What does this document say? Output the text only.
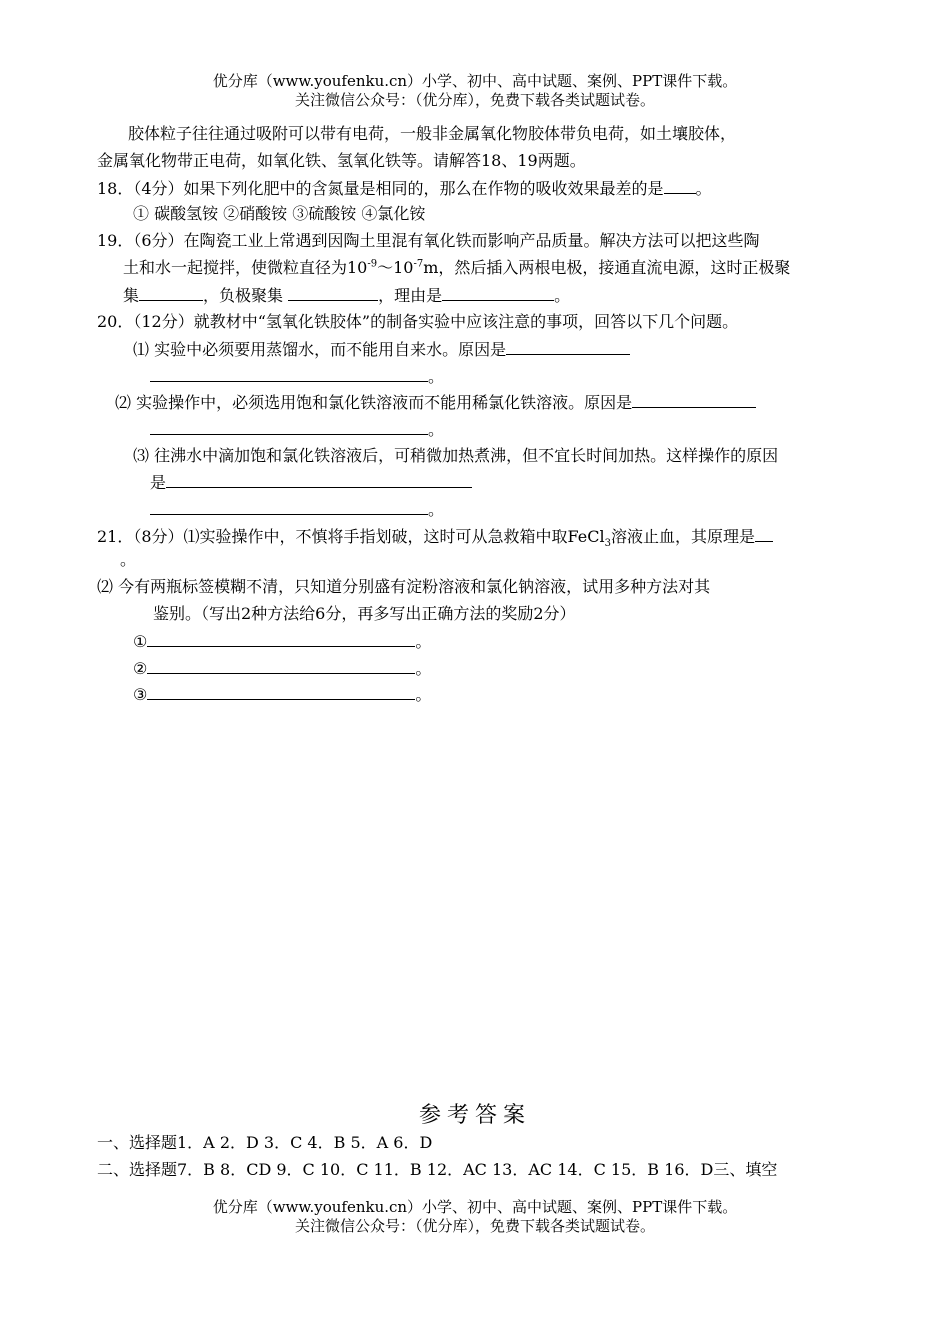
优分库（www.youfenku.cn）小学、初中、高中试题、案例、PPT课件下载。
关注微信公众号：（优分库），免费下载各类试题试卷。
胶体粒子往往通过吸附可以带有电荷，一般非金属氧化物胶体带负电荷，如土壤胶体，
金属氧化物带正电荷，如氧化铁、氢氧化铁等。请解答18、19两题。
18．（4分）如果下列化肥中的含氮量是相同的，那么在作物的吸收效果最差的是 。
① 碳酸氢铵 ②硝酸铵 ③硫酸铵 ④氯化铵
19．（6分）在陶瓷工业上常遇到因陶土里混有氧化铁而影响产品质量。解决方法可以把这些陶
土和水一起搅拌，使微粒直径为$10^{-9}\sim 10^{-7}m$，然后插入两根电极，接通直流电源，这时正极聚
集	，负极聚集	，理由是	。
20．（12分）就教材中“氢氧化铁胶体”的制备实验中应该注意的事项，回答以下几个问题。
⑴ 实验中必须要用蒸馏水，而不能用自来水。原因是
。
⑵ 实验操作中，必须选用饱和氯化铁溶液而不能用稀氯化铁溶液。原因是
。
⑶ 往沸水中滴加饱和氯化铁溶液后，可稍微加热煮沸，但不宜长时间加热。这样操作的原因
是
。
21．（8分）⑴实验操作中，不慎将手指划破，这时可从急救箱中取FeCl$_3$溶液止血，其原理是
。
⑵ 今有两瓶标签模糊不清，只知道分别盛有淀粉溶液和氯化钠溶液，试用多种方法对其
鉴别。（写出2种方法给6分，再多写出正确方法的奖励2分）
①	。
②	。
③	。
参考答案
一、选择题1．A 2．D 3．C 4．B 5．A 6．D
二、选择题7．B 8．CD 9．C 10．C 11．B 12．AC 13．AC 14．C 15．B 16．D三、填空
优分库（www.youfenku.cn）小学、初中、高中试题、案例、PPT课件下载。
关注微信公众号：（优分库），免费下载各类试题试卷。
